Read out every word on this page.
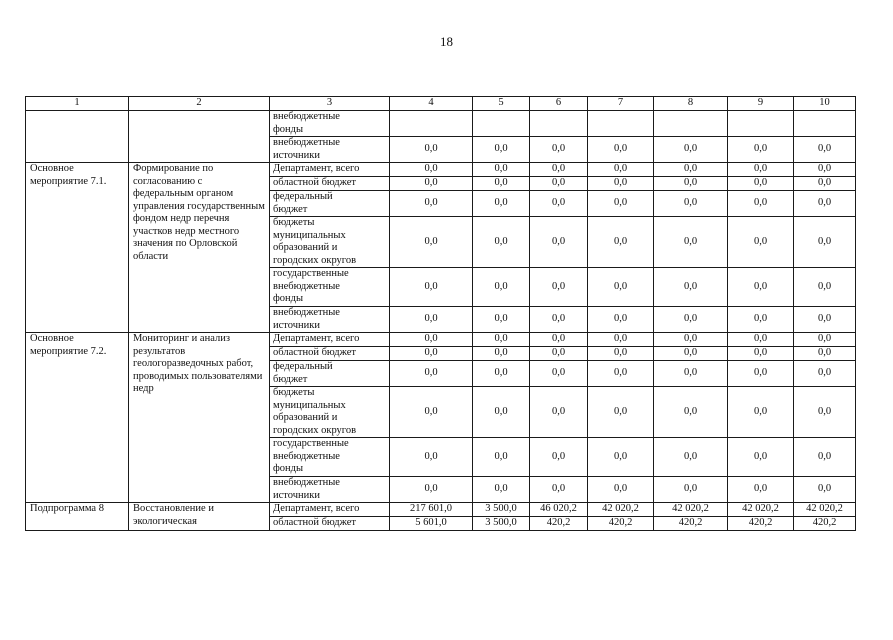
18
1	2	3	4	5	6	7	8	9	10

		внебюджетные
фонды							

		внебюджетные
источники	0,0	0,0	0,0	0,0	0,0	0,0	0,0
Основное мероприятие 7.1.	Формирование по согласованию с федеральным органом управления государственным фондом недр перечня участков недр местного значения по Орловской области	Департамент, всего	0,0	0,0	0,0	0,0	0,0	0,0	0,0

		областной бюджет	0,0	0,0	0,0	0,0	0,0	0,0	0,0

		федеральный
бюджет	0,0	0,0	0,0	0,0	0,0	0,0	0,0

		бюджеты
муниципальных
образований и
городских округов	0,0	0,0	0,0	0,0	0,0	0,0	0,0

		государственные
внебюджетные
фонды	0,0	0,0	0,0	0,0	0,0	0,0	0,0

		внебюджетные
источники	0,0	0,0	0,0	0,0	0,0	0,0	0,0
Основное мероприятие 7.2.	Мониторинг и анализ результатов геологоразведочных работ, проводимых пользователями недр	Департамент, всего	0,0	0,0	0,0	0,0	0,0	0,0	0,0

		областной бюджет	0,0	0,0	0,0	0,0	0,0	0,0	0,0

		федеральный
бюджет	0,0	0,0	0,0	0,0	0,0	0,0	0,0

		бюджеты
муниципальных
образований и
городских округов	0,0	0,0	0,0	0,0	0,0	0,0	0,0

		государственные
внебюджетные
фонды	0,0	0,0	0,0	0,0	0,0	0,0	0,0

		внебюджетные
источники	0,0	0,0	0,0	0,0	0,0	0,0	0,0
Подпрограмма 8	Восстановление и экологическая	Департамент, всего	217 601,0	3 500,0	46 020,2	42 020,2	42 020,2	42 020,2	42 020,2

		областной бюджет	5 601,0	3 500,0	420,2	420,2	420,2	420,2	420,2
